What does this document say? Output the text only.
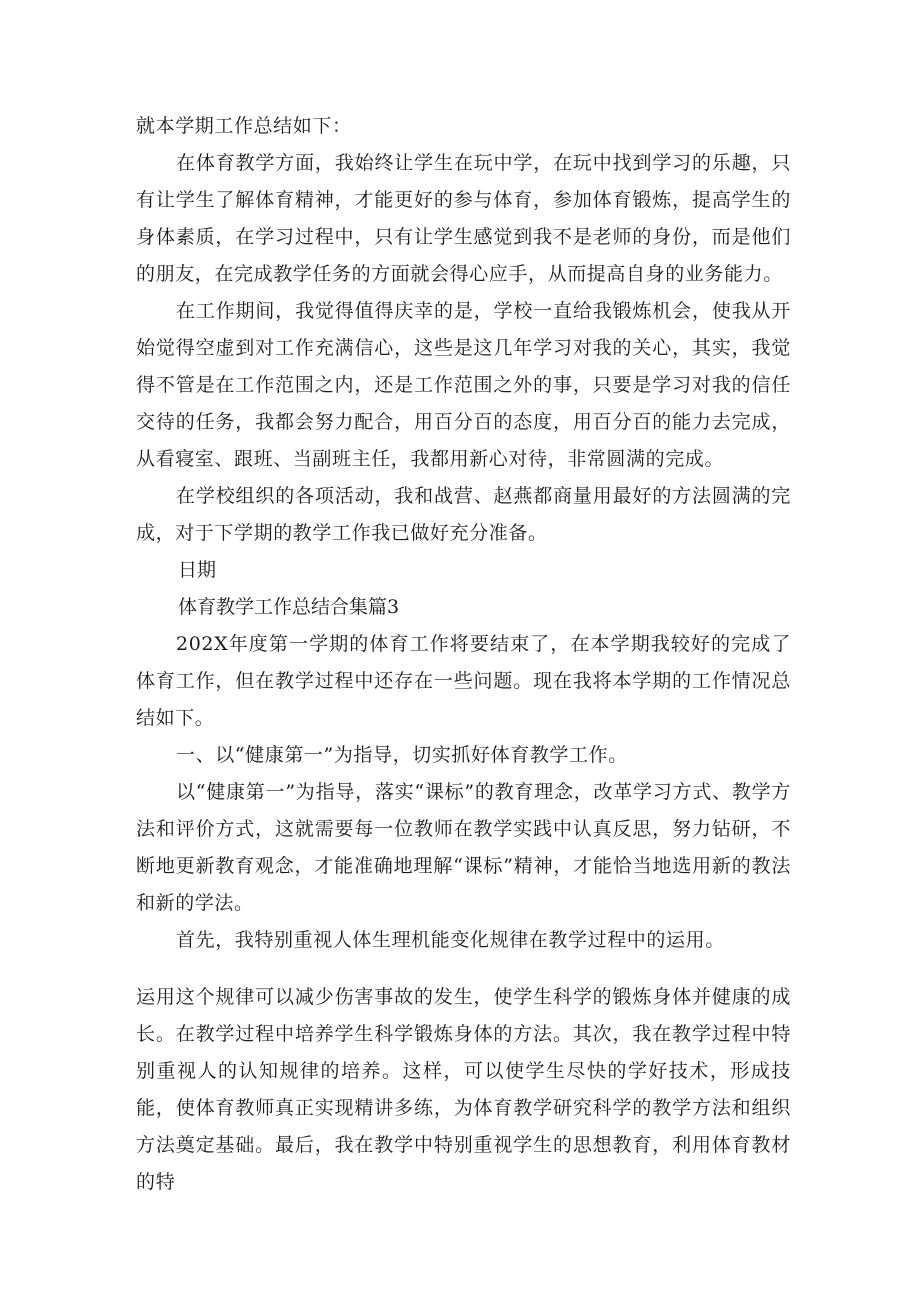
就本学期工作总结如下：

在体育教学方面，我始终让学生在玩中学，在玩中找到学习的乐趣，只有让学生了解体育精神，才能更好的参与体育，参加体育锻炼，提高学生的身体素质，在学习过程中，只有让学生感觉到我不是老师的身份，而是他们的朋友，在完成教学任务的方面就会得心应手，从而提高自身的业务能力。

在工作期间，我觉得值得庆幸的是，学校一直给我锻炼机会，使我从开始觉得空虚到对工作充满信心，这些是这几年学习对我的关心，其实，我觉得不管是在工作范围之内，还是工作范围之外的事，只要是学习对我的信任交待的任务，我都会努力配合，用百分百的态度，用百分百的能力去完成，从看寝室、跟班、当副班主任，我都用新心对待，非常圆满的完成。

在学校组织的各项活动，我和战营、赵燕都商量用最好的方法圆满的完成，对于下学期的教学工作我已做好充分准备。

日期

体育教学工作总结合集篇3

202X年度第一学期的体育工作将要结束了，在本学期我较好的完成了体育工作，但在教学过程中还存在一些问题。现在我将本学期的工作情况总结如下。

一、以“健康第一”为指导，切实抓好体育教学工作。

以“健康第一”为指导，落实“课标”的教育理念，改革学习方式、教学方法和评价方式，这就需要每一位教师在教学实践中认真反思，努力钻研，不断地更新教育观念，才能准确地理解“课标”精神，才能恰当地选用新的教法和新的学法。

首先，我特别重视人体生理机能变化规律在教学过程中的运用。

运用这个规律可以减少伤害事故的发生，使学生科学的锻炼身体并健康的成长。在教学过程中培养学生科学锻炼身体的方法。其次，我在教学过程中特别重视人的认知规律的培养。这样，可以使学生尽快的学好技术，形成技能，使体育教师真正实现精讲多练，为体育教学研究科学的教学方法和组织方法奠定基础。最后，我在教学中特别重视学生的思想教育，利用体育教材的特
